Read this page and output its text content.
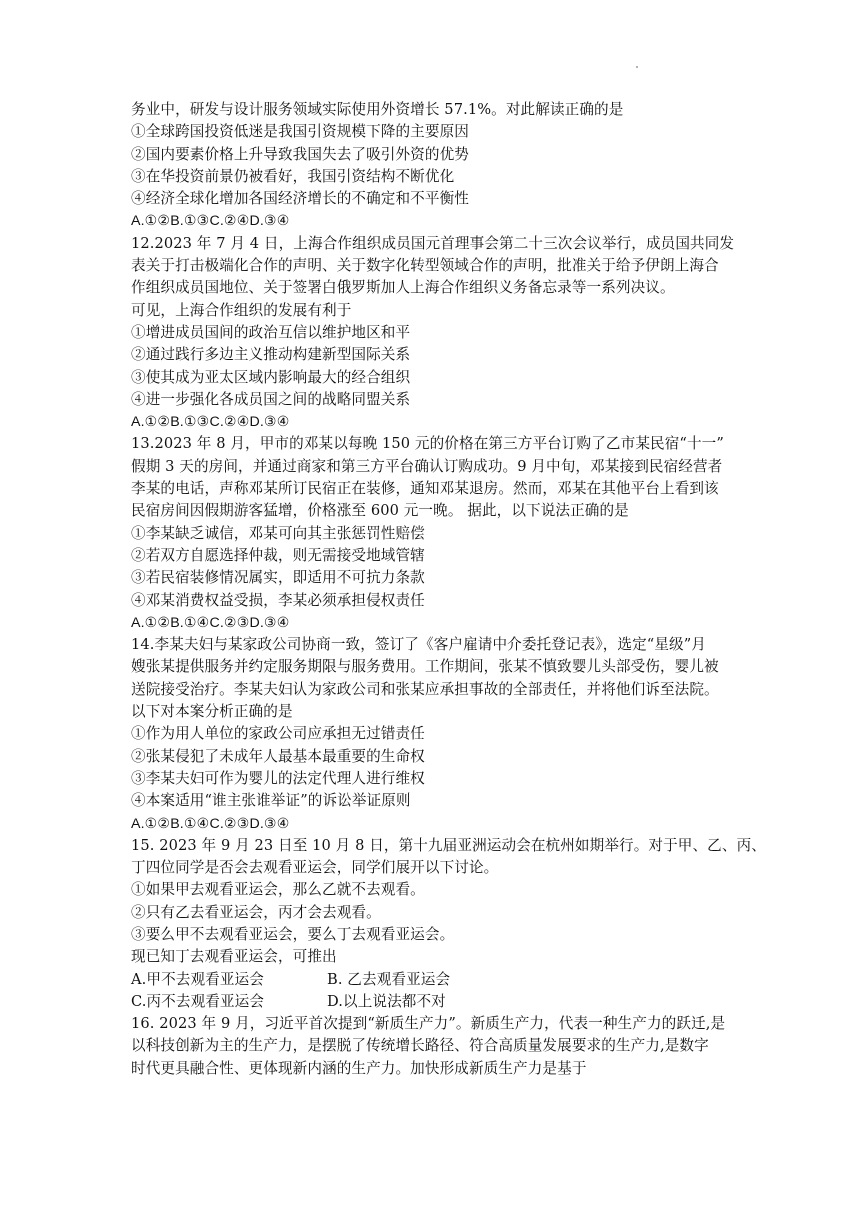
务业中，研发与设计服务领域实际使用外资增长 57.1%。对此解读正确的是
①全球跨国投资低迷是我国引资规模下降的主要原因
②国内要素价格上升导致我国失去了吸引外资的优势
③在华投资前景仍被看好，我国引资结构不断优化
④经济全球化增加各国经济增长的不确定和不平衡性
A.①②B.①③C.②④D.③④
12.2023 年 7 月 4 日，上海合作组织成员国元首理事会第二十三次会议举行，成员国共同发
表关于打击极端化合作的声明、关于数字化转型领域合作的声明，批准关于给予伊朗上海合
作组织成员国地位、关于签署白俄罗斯加人上海合作组织义务备忘录等一系列决议。
可见，上海合作组织的发展有利于
①增进成员国间的政治互信以维护地区和平
②通过践行多边主义推动构建新型国际关系
③使其成为亚太区域内影响最大的经合组织
④进一步强化各成员国之间的战略同盟关系
A.①②B.①③C.②④D.③④
13.2023 年 8 月，甲市的邓某以每晚 150 元的价格在第三方平台订购了乙市某民宿“十一”
假期 3 天的房间，并通过商家和第三方平台确认订购成功。9 月中旬，邓某接到民宿经营者
李某的电话，声称邓某所订民宿正在装修，通知邓某退房。然而，邓某在其他平台上看到该
民宿房间因假期游客猛增，价格涨至 600 元一晚。 据此，以下说法正确的是
①李某缺乏诚信，邓某可向其主张惩罚性赔偿
②若双方自愿选择仲裁，则无需接受地域管辖
③若民宿装修情况属实，即适用不可抗力条款
④邓某消费权益受损，李某必须承担侵权责任
A.①②B.①④C.②③D.③④
14.李某夫妇与某家政公司协商一致，签订了《客户雇请中介委托登记表》，选定“星级”月
嫂张某提供服务并约定服务期限与服务费用。工作期间，张某不慎致婴儿头部受伤，婴儿被
送院接受治疗。李某夫妇认为家政公司和张某应承担事故的全部责任，并将他们诉至法院。
以下对本案分析正确的是
①作为用人单位的家政公司应承担无过错责任
②张某侵犯了未成年人最基本最重要的生命权
③李某夫妇可作为婴儿的法定代理人进行维权
④本案适用“谁主张谁举证”的诉讼举证原则
A.①②B.①④C.②③D.③④
15. 2023 年 9 月 23 日至 10 月 8 日，第十九届亚洲运动会在杭州如期举行。对于甲、乙、丙、
丁四位同学是否会去观看亚运会，同学们展开以下讨论。
①如果甲去观看亚运会，那么乙就不去观看。
②只有乙去看亚运会，丙才会去观看。
③要么甲不去观看亚运会，要么丁去观看亚运会。
现已知丁去观看亚运会，可推出
A.甲不去观看亚运会	B. 乙去观看亚运会
C.丙不去观看亚运会	D.以上说法都不对
16. 2023 年 9 月，习近平首次提到“新质生产力”。新质生产力，代表一种生产力的跃迁,是
以科技创新为主的生产力，是摆脱了传统增长路径、符合高质量发展要求的生产力,是数字
时代更具融合性、更体现新内涵的生产力。加快形成新质生产力是基于
